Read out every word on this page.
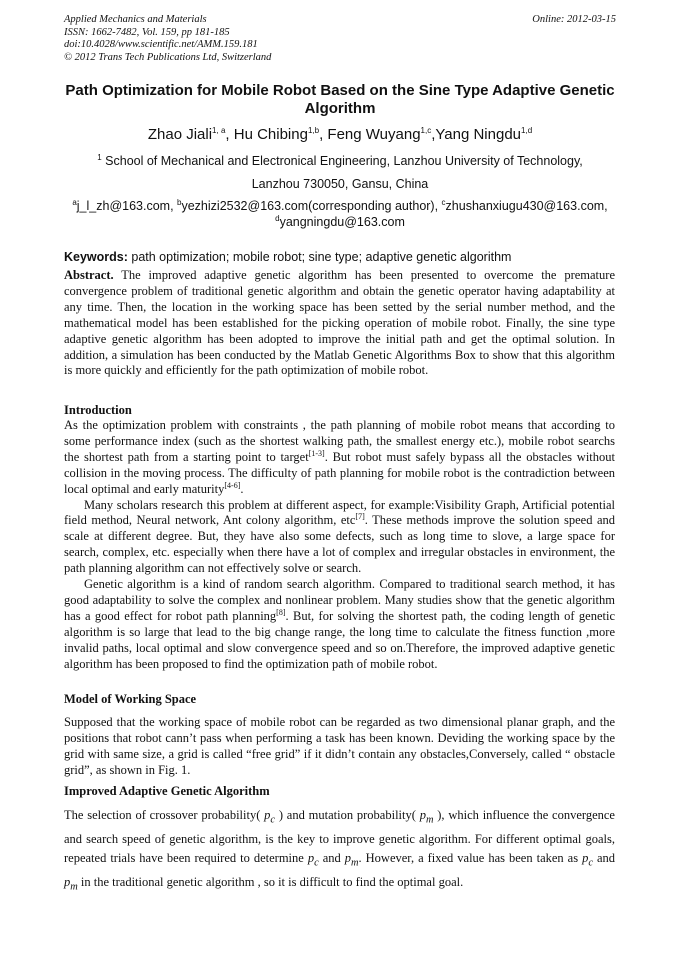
Applied Mechanics and Materials
ISSN: 1662-7482, Vol. 159, pp 181-185
doi:10.4028/www.scientific.net/AMM.159.181
© 2012 Trans Tech Publications Ltd, Switzerland
Online: 2012-03-15
Path Optimization for Mobile Robot Based on the Sine Type Adaptive Genetic Algorithm
Zhao Jiali$^{1, a}$, Hu Chibing$^{1,b}$, Feng Wuyang$^{1,c}$,Yang Ningdu$^{1,d}$
$^1$ School of Mechanical and Electronical Engineering, Lanzhou University of Technology,
Lanzhou 730050, Gansu, China
$^a$j_l_zh@163.com, $^b$yezhizi2532@163.com(corresponding author), $^c$zhushanxiugu430@163.com,
$^d$yangningdu@163.com
Keywords: path optimization; mobile robot; sine type; adaptive genetic algorithm
Abstract. The improved adaptive genetic algorithm has been presented to overcome the premature convergence problem of traditional genetic algorithm and obtain the genetic operator having adaptability at any time. Then, the location in the working space has been setted by the serial number method, and the mathematical model has been established for the picking operation of mobile robot. Finally, the sine type adaptive genetic algorithm has been adopted to improve the initial path and get the optimal solution. In addition, a simulation has been conducted by the Matlab Genetic Algorithms Box to show that this algorithm is more quickly and efficiently for the path optimization of mobile robot.
Introduction
As the optimization problem with constraints , the path planning of mobile robot means that according to some performance index (such as the shortest walking path, the smallest energy etc.), mobile robot searchs the shortest path from a starting point to target[1-3]. But robot must safely bypass all the obstacles without collision in the moving process. The difficulty of path planning for mobile robot is the contradiction between local optimal and early maturity[4-6].
Many scholars research this problem at different aspect, for example:Visibility Graph, Artificial potential field method, Neural network, Ant colony algorithm, etc[7]. These methods improve the solution speed and scale at different degree. But, they have also some defects, such as long time to slove, a large space for search, complex, etc. especially when there have a lot of complex and irregular obstacles in environment, the path planning algorithm can not effectively solve or search.
Genetic algorithm is a kind of random search algorithm. Compared to traditional search method, it has good adaptability to solve the complex and nonlinear problem. Many studies show that the genetic algorithm has a good effect for robot path planning[8]. But, for solving the shortest path, the coding length of genetic algorithm is so large that lead to the big change range, the long time to calculate the fitness function ,more invalid paths, local optimal and slow convergence speed and so on.Therefore, the improved adaptive genetic algorithm has been proposed to find the optimization path of mobile robot.
Model of Working Space
Supposed that the working space of mobile robot can be regarded as two dimensional planar graph, and the positions that robot cann’t pass when performing a task has been known. Deviding the working space by the grid with same size, a grid is called “free grid” if it didn’t contain any obstacles,Conversely, called “ obstacle grid”, as shown in Fig. 1.
Improved Adaptive Genetic Algorithm
The selection of crossover probability( $p_c$ ) and mutation probability( $p_m$ ), which influence the convergence and search speed of genetic algorithm, is the key to improve genetic algorithm. For different optimal goals, repeated trials have been required to determine $p_c$ and $p_m$. However, a fixed value has been taken as $p_c$ and $p_m$ in the traditional genetic algorithm , so it is difficult to find the optimal goal.
